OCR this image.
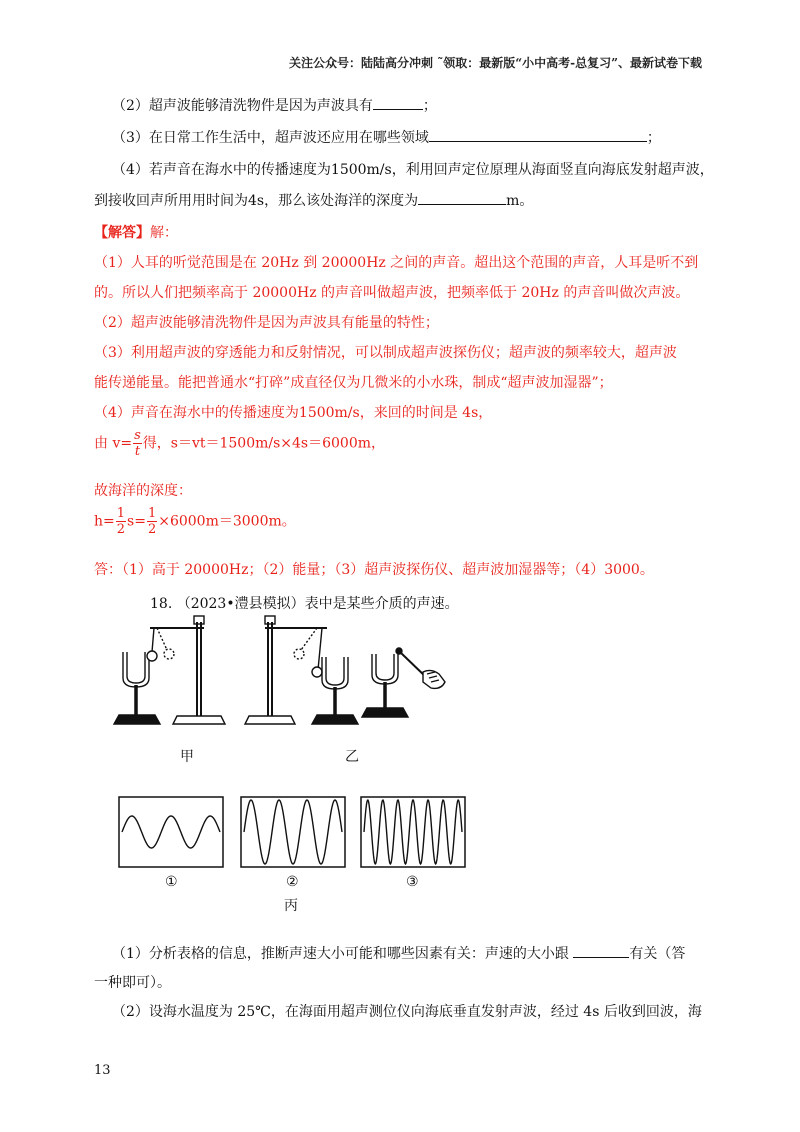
关注公众号：陆陆高分冲刺 ˜领取：最新版“小中高考-总复习”、最新试卷下载
（2）超声波能够清洗物件是因为声波具有	；
（3）在日常工作生活中，超声波还应用在哪些领域	；
（4）若声音在海水中的传播速度为1500m/s，利用回声定位原理从海面竖直向海底发射超声波，
到接收回声所用用时间为4s，那么该处海洋的深度为	m。
【解答】解：
（1）人耳的听觉范围是在 20Hz 到 20000Hz 之间的声音。超出这个范围的声音，人耳是听不到
的。所以人们把频率高于 20000Hz 的声音叫做超声波，把频率低于 20Hz 的声音叫做次声波。
（2）超声波能够清洗物件是因为声波具有能量的特性；
（3）利用超声波的穿透能力和反射情况，可以制成超声波探伤仪；超声波的频率较大，超声波
能传递能量。能把普通水“打碎”成直径仅为几微米的小水珠，制成“超声波加湿器”；
（4）声音在海水中的传播速度为1500m/s，来回的时间是 4s，
由 $v= \frac{s}{t}$ 得，s＝vt＝1500m/s×4s＝6000m，
故海洋的深度：
$h= \frac{1}{2} s= \frac{1}{2} \times 6000m=3000m$。
答：（1）高于 20000Hz；（2）能量；（3）超声波探伤仪、超声波加湿器等；（4）3000。
18. （2023•澧县模拟）表中是某些介质的声速。
甲	乙
①	②	③
丙
（1）分析表格的信息，推断声速大小可能和哪些因素有关：声速的大小跟	有关（答
一种即可）。
（2）设海水温度为 25℃，在海面用超声测位仪向海底垂直发射声波，经过 4s 后收到回波，海
13
